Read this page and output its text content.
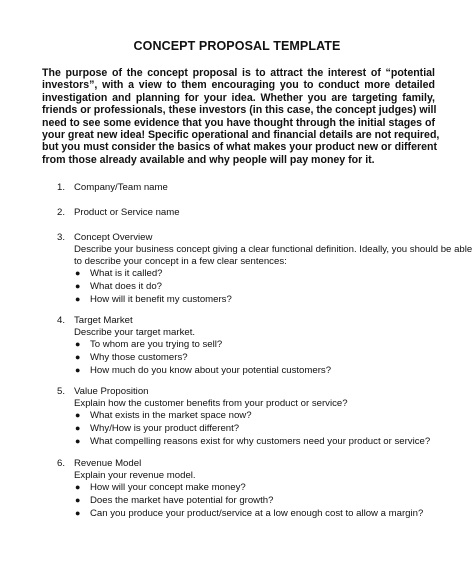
CONCEPT PROPOSAL TEMPLATE
The purpose of the concept proposal is to attract the interest of “potential
investors”, with a view to them encouraging you to conduct more detailed
investigation and planning for your idea. Whether you are targeting family,
friends or professionals, these investors (in this case, the concept judges) will
need to see some evidence that you have thought through the initial stages of
your great new idea! Specific operational and financial details are not required,
but you must consider the basics of what makes your product new or different
from those already available and why people will pay money for it.
1. Company/Team name
2. Product or Service name
3. Concept Overview
Describe your business concept giving a clear functional definition. Ideally, you should be able
to describe your concept in a few clear sentences:
● What is it called?
● What does it do?
● How will it benefit my customers?
4. Target Market
Describe your target market.
● To whom are you trying to sell?
● Why those customers?
● How much do you know about your potential customers?
5. Value Proposition
Explain how the customer benefits from your product or service?
● What exists in the market space now?
● Why/How is your product different?
● What compelling reasons exist for why customers need your product or service?
6. Revenue Model
Explain your revenue model.
● How will your concept make money?
● Does the market have potential for growth?
● Can you produce your product/service at a low enough cost to allow a margin?
